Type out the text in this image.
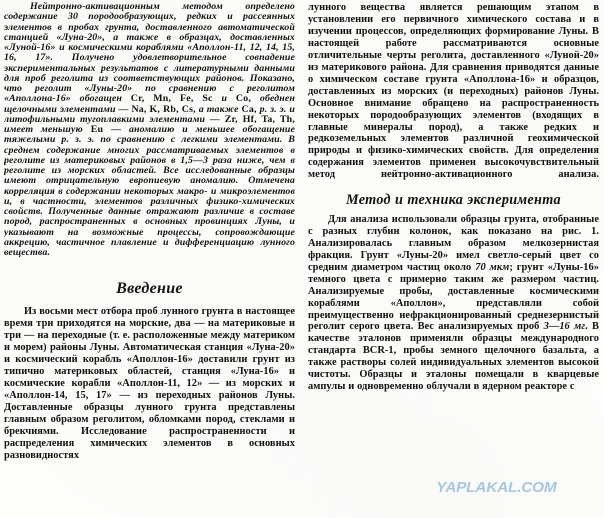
Нейтронно-активационным методом определено содержание 30 породообразующих, редких и рассеянных элементов в пробах грунта, доставленного автоматической станцией «Луна-20», а также в образцах, доставленных «Луной-16» и космическими кораблями «Аполлон-11, 12, 14, 15, 16, 17». Получено удовлетворительное совпадение экспериментальных результатов с литературными данными для проб реголита из соответствующих районов. Показано, что реголит «Луны-20» по сравнению с реголитом «Аполлона-16» обогащен Cr, Mn, Fe, Sc и Co, обеднен щелочными элементами — Na, K, Rb, Cs, а также Ca, р. з. э. и литофильными тугоплавкими элементами — Zr, Hf, Ta, Th, имеет меньшую Eu — аномалию и меньшее обогащение тяжелыми р. з. э. по сравнению с легкими элементами. В среднем содержание многих рассматриваемых элементов в реголите из материковых районов в 1,5—3 раза ниже, чем в реголите из морских областей. Все исследованные образцы имеют отрицательную европиевую аномалию. Отмечена корреляция в содержании некоторых макро- и микроэлементов и, в частности, элементов различных физико-химических свойств. Полученные данные отражают различие в составе пород, распространенных в основных провинциях Луны, и указывают на возможные процессы, сопровождающие аккрецию, частичное плавление и дифференциацию лунного вещества.

Введение

Из восьми мест отбора проб лунного грунта в настоящее время три приходятся на морские, два — на материковые и три — на переходные (т. е. расположенные между материком и морем) районы Луны. Автоматическая станция «Луна-20» и космический корабль «Аполлон-16» доставили грунт из типично материковых областей, станция «Луна-16» и космические корабли «Аполлон-11, 12» — из морских и «Аполлон-14, 15, 17» — из переходных районов Луны. Доставленные образцы лунного грунта представлены главным образом реголитом, обломками пород, стеклами и брекчиями. Исследование распространенности и распределения химических элементов в основных разновидностях

лунного вещества является решающим этапом в установлении его первичного химического состава и в изучении процессов, определяющих формирование Луны. В настоящей работе рассматриваются основные отличительные черты реголита, доставленного «Луной-20» из материкового района. Для сравнения приводятся данные о химическом составе грунта «Аполлона-16» и образцов, доставленных из морских (и переходных) районов Луны. Основное внимание обращено на распространенность некоторых породообразующих элементов (входящих в главные минералы пород), а также редких и редкоземельных элементов различной геохимической природы и физико-химических свойств. Для определения содержания элементов применен высокочувствительный метод нейтронно-активационного анализа.

Метод и техника эксперимента

Для анализа использовали образцы грунта, отобранные с разных глубин колонок, как показано на рис. 1. Анализировалась главным образом мелкозернистая фракция. Грунт «Луны-20» имел светло-серый цвет со средним диаметром частиц около 70 мкм; грунт «Луны-16» темного цвета с примерно таким же размером частиц. Анализируемые пробы, доставленные космическими кораблями «Аполлон», представляли собой преимущественно нефракционированный среднезернистый реголит серого цвета. Вес анализируемых проб 3—16 мг. В качестве эталонов применяли образцы международного стандарта BCR-1, пробы земного щелочного базальта, а также растворы солей индивидуальных элементов высокой чистоты. Образцы и эталоны помещали в кварцевые ампулы и одновременно облучали в ядерном реакторе с

YAPLAKAL.COM
